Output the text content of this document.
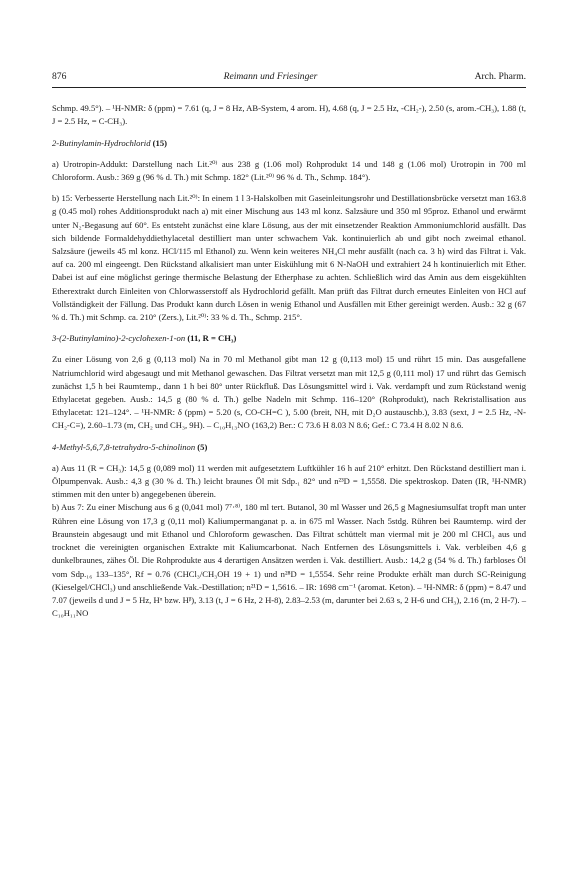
876	Reimann und Friesinger	Arch. Pharm.

Schmp. 49.5°). – ¹H-NMR: δ (ppm) = 7.61 (q, J = 8 Hz, AB-System, 4 arom. H), 4.68 (q, J = 2.5 Hz, -CH₂-), 2.50 (s, arom.-CH₃), 1.88 (t, J = 2.5 Hz, = C-CH₃).

2-Butinylamin-Hydrochlorid (15)

a) Urotropin-Addukt: Darstellung nach Lit.²⁰⁾ aus 238 g (1.06 mol) Rohprodukt 14 und 148 g (1.06 mol) Urotropin in 700 ml Chloroform. Ausb.: 369 g (96 % d. Th.) mit Schmp. 182° (Lit.²⁰⁾ 96 % d. Th., Schmp. 184°).

b) 15: Verbesserte Herstellung nach Lit.²⁰⁾: In einem 1 l 3-Halskolben mit Gaseinleitungsrohr und Destillationsbrücke versetzt man 163.8 g (0.45 mol) rohes Additionsprodukt nach a) mit einer Mischung aus 143 ml konz. Salzsäure und 350 ml 95proz. Ethanol und erwärmt unter N₂-Begasung auf 60°. Es entsteht zunächst eine klare Lösung, aus der mit einsetzender Reaktion Ammoniumchlorid ausfällt. Das sich bildende Formaldehyddiethylacetal destilliert man unter schwachem Vak. kontinuierlich ab und gibt noch zweimal ethanol. Salzsäure (jeweils 45 ml konz. HCl/115 ml Ethanol) zu. Wenn kein weiteres NH₄Cl mehr ausfällt (nach ca. 3 h) wird das Filtrat i. Vak. auf ca. 200 ml eingeengt. Den Rückstand alkalisiert man unter Eiskühlung mit 6 N-NaOH und extrahiert 24 h kontinuierlich mit Ether. Dabei ist auf eine möglichst geringe thermische Belastung der Etherphase zu achten. Schließlich wird das Amin aus dem eisgekühlten Etherextrakt durch Einleiten von Chlorwasserstoff als Hydrochlorid gefällt. Man prüft das Filtrat durch erneutes Einleiten von HCl auf Vollständigkeit der Fällung. Das Produkt kann durch Lösen in wenig Ethanol und Ausfällen mit Ether gereinigt werden. Ausb.: 32 g (67 % d. Th.) mit Schmp. ca. 210° (Zers.), Lit.²⁰⁾: 33 % d. Th., Schmp. 215°.

3-(2-Butinylamino)-2-cyclohexen-1-on (11, R = CH₃)

Zu einer Lösung von 2,6 g (0,113 mol) Na in 70 ml Methanol gibt man 12 g (0,113 mol) 15 und rührt 15 min. Das ausgefallene Natriumchlorid wird abgesaugt und mit Methanol gewaschen. Das Filtrat versetzt man mit 12,5 g (0,111 mol) 17 und rührt das Gemisch zunächst 1,5 h bei Raumtemp., dann 1 h bei 80° unter Rückfluß. Das Lösungsmittel wird i. Vak. verdampft und zum Rückstand wenig Ethylacetat gegeben. Ausb.: 14,5 g (80 % d. Th.) gelbe Nadeln mit Schmp. 116–120° (Rohprodukt), nach Rekristallisation aus Ethylacetat: 121–124°. – ¹H-NMR: δ (ppm) = 5.20 (s, CO-CH=C ), 5.00 (breit, NH, mit D₂O austauschb.), 3.83 (sext, J = 2.5 Hz, -N-CH₂-C≡), 2.60–1.73 (m, CH₂ und CH₃, 9H). – C₁₀H₁₃NO (163,2) Ber.: C 73.6 H 8.03 N 8.6; Gef.: C 73.4 H 8.02 N 8.6.

4-Methyl-5,6,7,8-tetrahydro-5-chinolinon (5)

a) Aus 11 (R = CH₃): 14,5 g (0,089 mol) 11 werden mit aufgesetztem Luftkühler 16 h auf 210° erhitzt. Den Rückstand destilliert man i. Ölpumpenvak. Ausb.: 4,3 g (30 % d. Th.) leicht braunes Öl mit Sdp.₁ 82° und n²³D = 1,5558. Die spektroskop. Daten (IR, ¹H-NMR) stimmen mit den unter b) angegebenen überein.

b) Aus 7: Zu einer Mischung aus 6 g (0,041 mol) 7⁷⋅⁸⁾, 180 ml tert. Butanol, 30 ml Wasser und 26,5 g Magnesiumsulfat tropft man unter Rühren eine Lösung von 17,3 g (0,11 mol) Kaliumpermanganat p. a. in 675 ml Wasser. Nach 5stdg. Rühren bei Raumtemp. wird der Braunstein abgesaugt und mit Ethanol und Chloroform gewaschen. Das Filtrat schüttelt man viermal mit je 200 ml CHCl₃ aus und trocknet die vereinigten organischen Extrakte mit Kaliumcarbonat. Nach Entfernen des Lösungsmittels i. Vak. verbleiben 4,6 g dunkelbraunes, zähes Öl. Die Rohprodukte aus 4 derartigen Ansätzen werden i. Vak. destilliert. Ausb.: 14,2 g (54 % d. Th.) farbloses Öl vom Sdp.₁₆ 133–135°, Rf = 0.76 (CHCl₃/CH₃OH 19 + 1) und n²⁸D = 1,5554. Sehr reine Produkte erhält man durch SC-Reinigung (Kieselgel/CHCl₃) und anschließende Vak.-Destillation; n²¹D = 1,5616. – IR: 1698 cm⁻¹ (aromat. Keton). – ¹H-NMR: δ (ppm) = 8.47 und 7.07 (jeweils d und J = 5 Hz, Hᵅ bzw. Hᵝ), 3.13 (t, J = 6 Hz, 2 H-8), 2.83–2.53 (m, darunter bei 2.63 s, 2 H-6 und CH₃), 2.16 (m, 2 H-7). – C₁₀H₁₁NO
